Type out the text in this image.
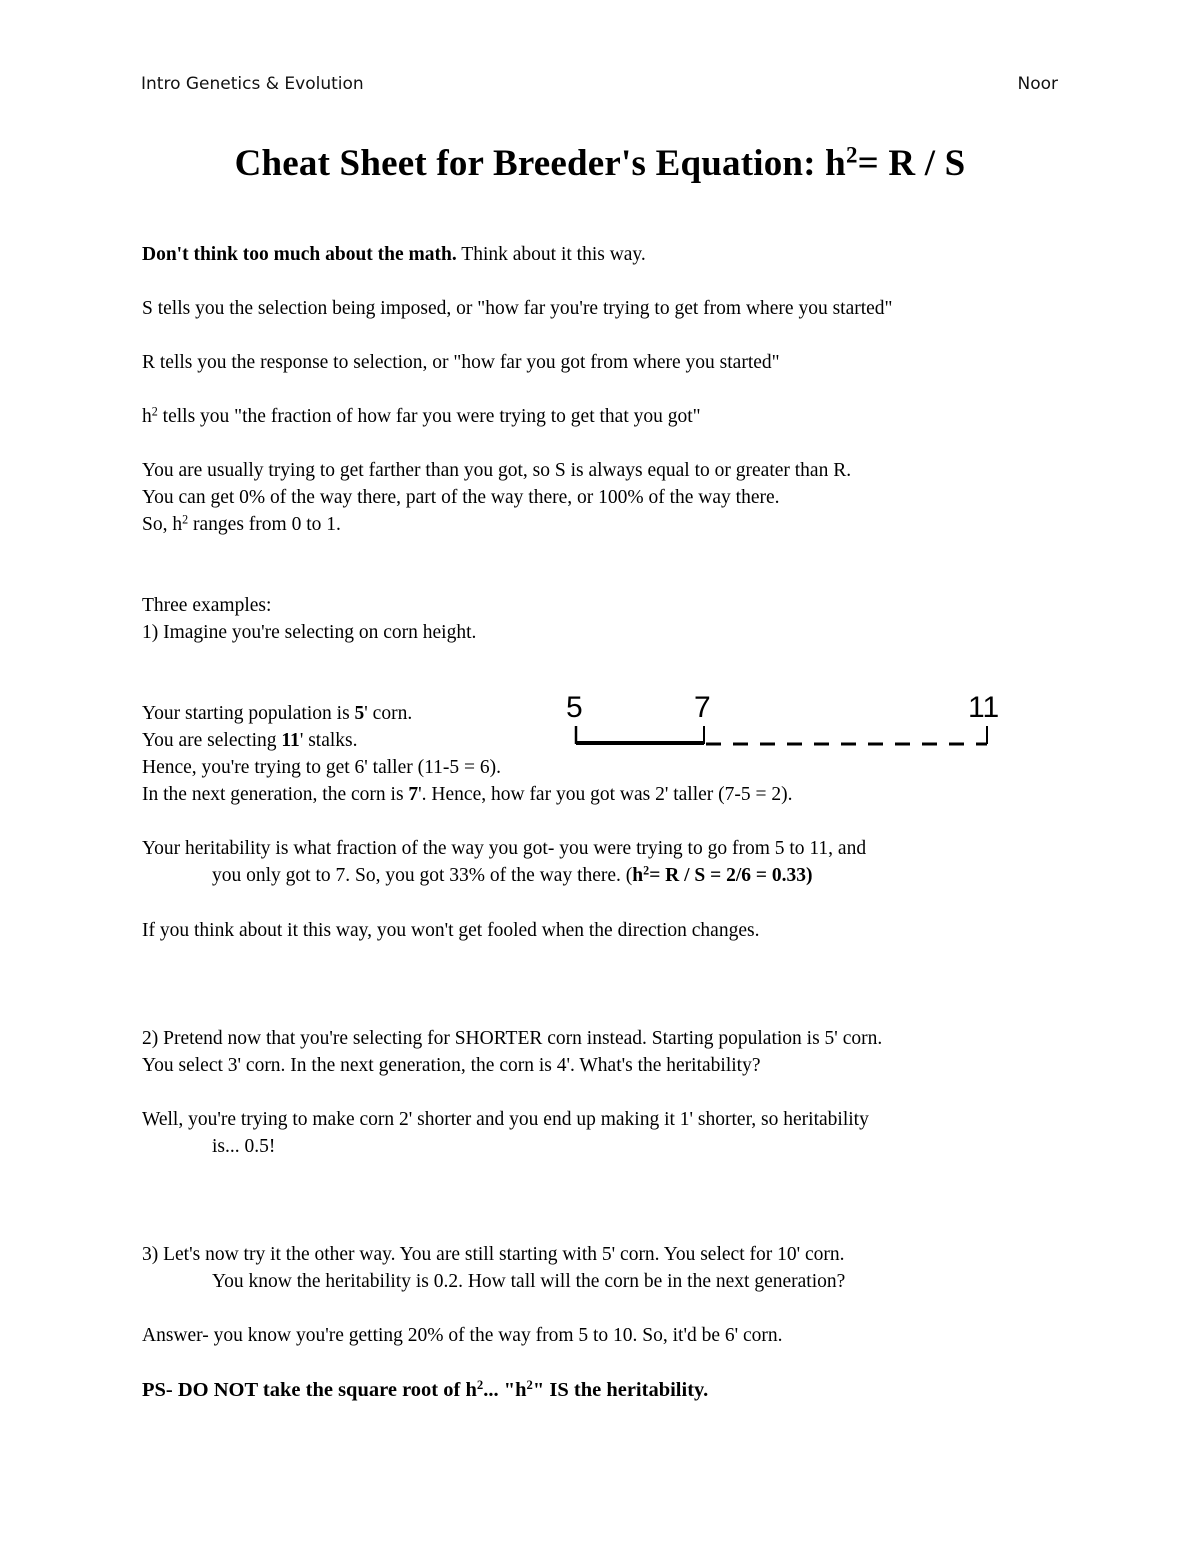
Intro Genetics & Evolution	Noor
Cheat Sheet for Breeder's Equation: $h^2= R / S$
Don't think too much about the math. Think about it this way.
S tells you the selection being imposed, or "how far you're trying to get from where you started"
R tells you the response to selection, or "how far you got from where you started"
$h^2$ tells you "the fraction of how far you were trying to get that you got"
You are usually trying to get farther than you got, so S is always equal to or greater than R.
You can get 0% of the way there, part of the way there, or 100% of the way there.
So, $h^2$ ranges from 0 to 1.
Three examples:
1) Imagine you're selecting on corn height.
Your starting population is 5' corn.
You are selecting 11' stalks.
Hence, you're trying to get 6' taller (11-5 = 6).
In the next generation, the corn is 7'. Hence, how far you got was 2' taller (7-5 = 2).
Your heritability is what fraction of the way you got- you were trying to go from 5 to 11, and
you only got to 7. So, you got 33% of the way there. $(h^2= R / S = 2/6 = 0.33)$
If you think about it this way, you won't get fooled when the direction changes.
2) Pretend now that you're selecting for SHORTER corn instead. Starting population is 5' corn.
You select 3' corn. In the next generation, the corn is 4'. What's the heritability?
Well, you're trying to make corn 2' shorter and you end up making it 1' shorter, so heritability
is... 0.5!
3) Let's now try it the other way. You are still starting with 5' corn. You select for 10' corn.
You know the heritability is 0.2. How tall will the corn be in the next generation?
Answer- you know you're getting 20% of the way from 5 to 10. So, it'd be 6' corn.
PS- DO NOT take the square root of $h^2$... "$h^2$" IS the heritability.
5	7	11
